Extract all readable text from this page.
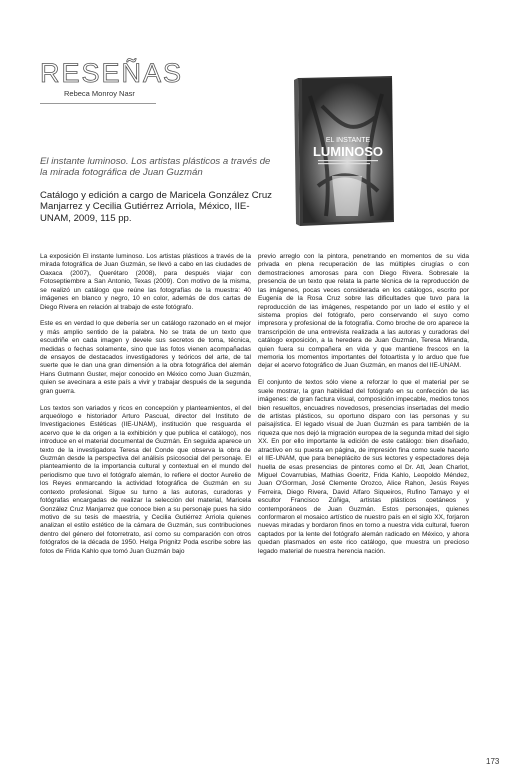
RESEÑAS
Rebeca Monroy Nasr
El instante luminoso. Los artistas plásticos a través de la mirada fotográfica de Juan Guzmán
Catálogo y edición a cargo de Maricela González Cruz Manjarrez y Cecilia Gutiérrez Arriola, México, IIE-UNAM, 2009, 115 pp.
EL INSTANTE
LUMINOSO

La exposición El instante luminoso. Los artistas plásticos a través de la mirada fotográfica de Juan Guzmán, se llevó a cabo en las ciudades de Oaxaca (2007), Querétaro (2008), para después viajar con Fotoseptiembre a San Antonio, Texas (2009). Con motivo de la misma, se realizó un catálogo que reúne las fotografías de la muestra: 40 imágenes en blanco y negro, 10 en color, además de dos cartas de Diego Rivera en relación al trabajo de este fotógrafo.

Este es en verdad lo que debería ser un catálogo razonado en el mejor y más amplio sentido de la palabra. No se trata de un texto que escudriñe en cada imagen y devele sus secretos de toma, técnica, medidas o fechas solamente, sino que las fotos vienen acompañadas de ensayos de destacados investigadores y teóricos del arte, de tal suerte que le dan una gran dimensión a la obra fotográfica del alemán Hans Gutmann Guster, mejor conocido en México como Juan Guzmán, quien se avecinara a este país a vivir y trabajar después de la segunda gran guerra.

Los textos son variados y ricos en concepción y planteamientos, el del arqueólogo e historiador Arturo Pascual, director del Instituto de Investigaciones Estéticas (IIE-UNAM), institución que resguarda el acervo que le da origen a la exhibición y que publica el catálogo), nos introduce en el material documental de Guzmán. En seguida aparece un texto de la investigadora Teresa del Conde que observa la obra de Guzmán desde la perspectiva del análisis psicosocial del personaje. El planteamiento de la importancia cultural y contextual en el mundo del periodismo que tuvo el fotógrafo alemán, lo refiere el doctor Aurelio de los Reyes enmarcando la actividad fotográfica de Guzmán en su contexto profesional. Sigue su turno a las autoras, curadoras y fotógrafas encargadas de realizar la selección del material, Maricela González Cruz Manjarrez que conoce bien a su personaje pues ha sido motivo de su tesis de maestría, y Cecilia Gutiérrez Arriola quienes analizan el estilo estético de la cámara de Guzmán, sus contribuciones dentro del género del fotorretrato, así como su comparación con otros fotógrafos de la década de 1950. Helga Prignitz Poda escribe sobre las fotos de Frida Kahlo que tomó Juan Guzmán bajo

previo arreglo con la pintora, penetrando en momentos de su vida privada en plena recuperación de las múltiples cirugías o con demostraciones amorosas para con Diego Rivera. Sobresale la presencia de un texto que relata la parte técnica de la reproducción de las imágenes, pocas veces considerada en los catálogos, escrito por Eugenia de la Rosa Cruz sobre las dificultades que tuvo para la reproducción de las imágenes, respetando por un lado el estilo y el sistema propios del fotógrafo, pero conservando el suyo como impresora y profesional de la fotografía. Como broche de oro aparece la transcripción de una entrevista realizada a las autoras y curadoras del catálogo exposición, a la heredera de Juan Guzmán, Teresa Miranda, quien fuera su compañera en vida y que mantiene frescos en la memoria los momentos importantes del fotoartista y lo arduo que fue dejar el acervo fotográfico de Juan Guzmán, en manos del IIE-UNAM.

El conjunto de textos sólo viene a reforzar lo que el material per se suele mostrar, la gran habilidad del fotógrafo en su confección de las imágenes: de gran factura visual, composición impecable, medios tonos bien resueltos, encuadres novedosos, presencias insertadas del medio de artistas plásticos, su oportuno disparo con las personas y su paisajística. El legado visual de Juan Guzmán es para también de la riqueza que nos dejó la migración europea de la segunda mitad del siglo XX. En por ello importante la edición de este catálogo: bien diseñado, atractivo en su puesta en página, de impresión fina como suele hacerlo el IIE-UNAM, que para beneplácito de sus lectores y espectadores deja huella de esas presencias de pintores como el Dr. Atl, Jean Charlot, Miguel Covarrubias, Mathias Goeritz, Frida Kahlo, Leopoldo Méndez, Juan O'Gorman, José Clemente Orozco, Alice Rahon, Jesús Reyes Ferreira, Diego Rivera, David Alfaro Siqueiros, Rufino Tamayo y el escultor Francisco Zúñiga, artistas plásticos coetáneos y contemporáneos de Juan Guzmán. Estos personajes, quienes conformaron el mosaico artístico de nuestro país en el siglo XX, forjaron nuevas miradas y bordaron finos en torno a nuestra vida cultural, fueron captados por la lente del fotógrafo alemán radicado en México, y ahora quedan plasmados en este rico catálogo, que muestra un precioso legado material de nuestra herencia nación.

173
